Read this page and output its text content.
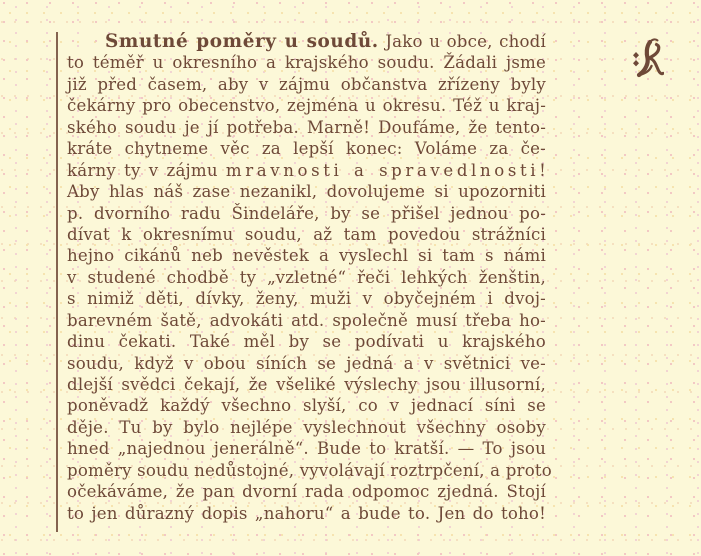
Smutné poměry u soudů. Jako u obce, chodí
to téměř u okresního a krajského soudu. Žádali jsme
již před časem, aby v zájmu občanstva zřízeny byly
čekárny pro obecenstvo, zejména u okresu. Též u kraj-
ského soudu je jí potřeba. Marně! Doufáme, že tento-
kráte chytneme věc za lepší konec: Voláme za če-
kárny ty v zájmu mravnosti a spravedlnosti!
Aby hlas náš zase nezanikl, dovolujeme si upozorniti
p. dvorního radu Šindeláře, by se přišel jednou po-
dívat k okresnímu soudu, až tam povedou strážníci
hejno cikánů neb nevěstek a vyslechl si tam s námi
v studené chodbě ty „vzletné“ řeči lehkých ženštin,
s nimiž děti, dívky, ženy, muži v obyčejném i dvoj-
barevném šatě, advokáti atd. společně musí třeba ho-
dinu čekati. Také měl by se podívati u krajského
soudu, když v obou síních se jedná a v světnici ve-
dlejší svědci čekají, že všeliké výslechy jsou illusorní,
poněvadž každý všechno slyší, co v jednací síni se
děje. Tu by bylo nejlépe vyslechnout všechny osoby
hned „najednou jenerálně“. Bude to kratší. — To jsou
poměry soudu nedůstojné, vyvolávají roztrpčení, a proto
očekáváme, že pan dvorní rada odpomoc zjedná. Stojí
to jen důrazný dopis „nahoru“ a bude to. Jen do toho!
